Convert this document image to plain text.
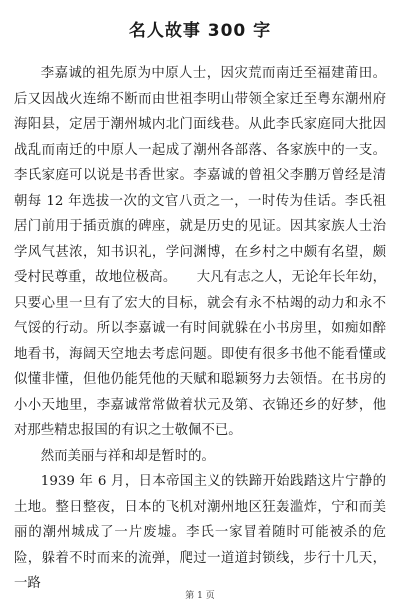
名人故事 300 字

李嘉诚的祖先原为中原人士，因灾荒而南迁至福建莆田。后又因战火连绵不断而由世祖李明山带领全家迁至粤东潮州府海阳县，定居于潮州城内北门面线巷。从此李氏家庭同大批因战乱而南迁的中原人一起成了潮州各部落、各家族中的一支。李氏家庭可以说是书香世家。李嘉诚的曾祖父李鹏万曾经是清朝每 12 年选拔一次的文官八贡之一，一时传为佳话。李氏祖居门前用于插贡旗的碑座，就是历史的见证。因其家族人士治学风气甚浓，知书识礼，学问渊博，在乡村之中颇有名望，颇受村民尊重，故地位极高。　　大凡有志之人，无论年长年幼，只要心里一旦有了宏大的目标，就会有永不枯竭的动力和永不气馁的行动。所以李嘉诚一有时间就躲在小书房里，如痴如醉地看书，海阔天空地去考虑问题。即使有很多书他不能看懂或似懂非懂，但他仍能凭他的天赋和聪颖努力去领悟。在书房的小小天地里，李嘉诚常常做着状元及第、衣锦还乡的好梦，他对那些精忠报国的有识之士敬佩不已。

然而美丽与祥和却是暂时的。

1939 年 6 月，日本帝国主义的铁蹄开始践踏这片宁静的土地。整日整夜，日本的飞机对潮州地区狂轰滥炸，宁和而美丽的潮州城成了一片废墟。李氏一家冒着随时可能被杀的危险，躲着不时而来的流弹，爬过一道道封锁线，步行十几天，一路

第 1 页
